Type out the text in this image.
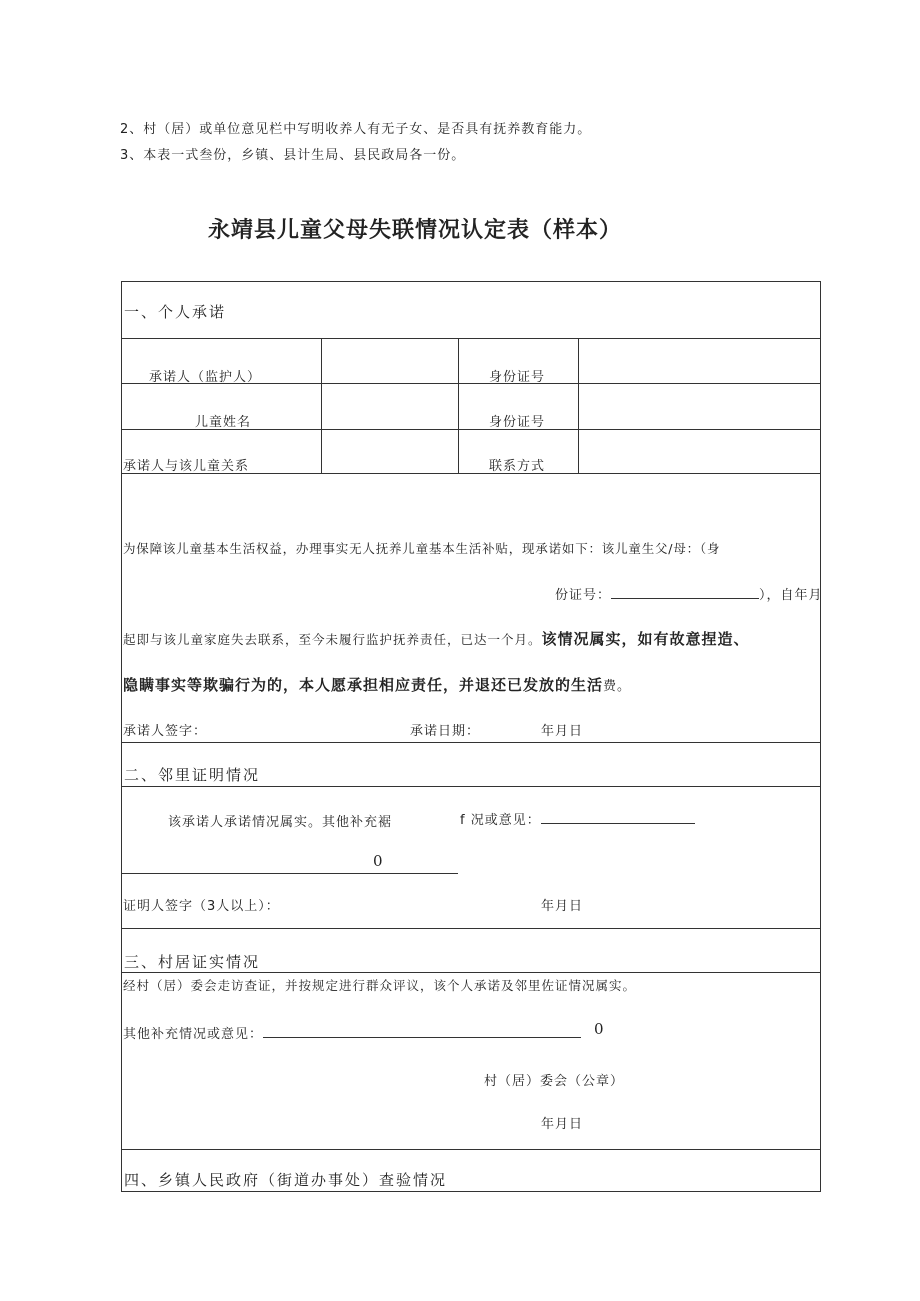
2、村（居）或单位意见栏中写明收养人有无子女、是否具有抚养教育能力。
3、本表一式叁份，乡镇、县计生局、县民政局各一份。
永靖县儿童父母失联情况认定表（样本）
一、个人承诺
承诺人（监护人）	身份证号
儿童姓名	身份证号
承诺人与该儿童关系	联系方式
为保障该儿童基本生活权益，办理事实无人抚养儿童基本生活补贴，现承诺如下：该儿童生父/母：（身
份证号：	），自年月
起即与该儿童家庭失去联系，至今未履行监护抚养责任，已达一个月。该情况属实，如有故意捏造、
隐瞒事实等欺骗行为的，本人愿承担相应责任，并退还已发放的生活费。
承诺人签字：	承诺日期：	年月日
二、邻里证明情况
该承诺人承诺情况属实。其他补充裾	f 况或意见：
0
证明人签字（3人以上）：	年月日
三、村居证实情况
经村（居）委会走访查证，并按规定进行群众评议，该个人承诺及邻里佐证情况属实。
其他补充情况或意见：	0
村（居）委会（公章）
年月日
四、乡镇人民政府（街道办事处）查验情况
